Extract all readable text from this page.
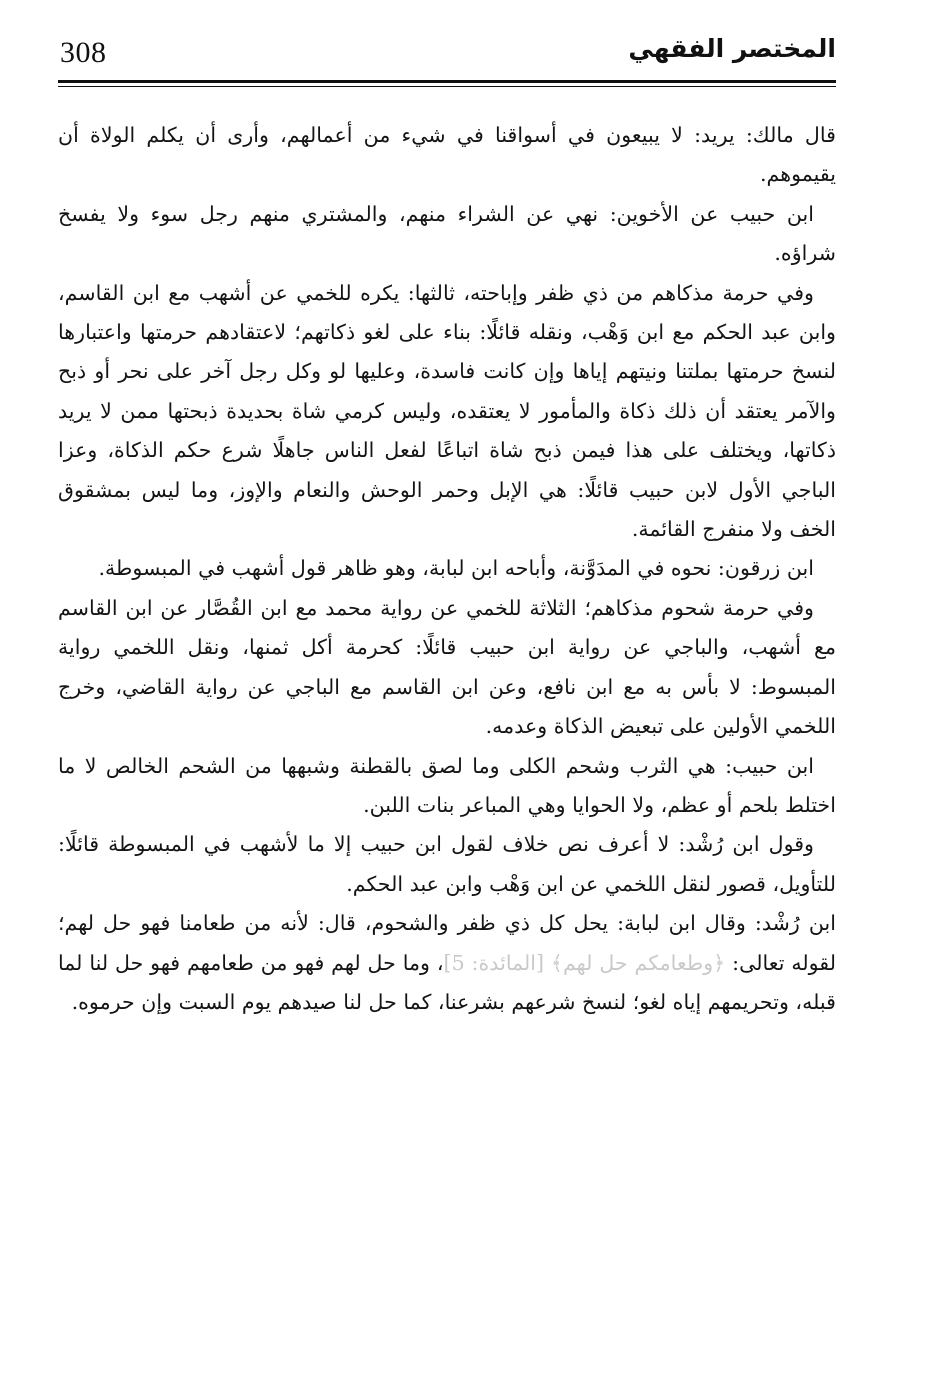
308	المختصر الفقهي

قال مالك: يريد: لا يبيعون في أسواقنا في شيء من أعمالهم، وأرى أن يكلم الولاة أن يقيموهم.

ابن حبيب عن الأخوين: نهي عن الشراء منهم، والمشتري منهم رجل سوء ولا يفسخ شراؤه.

وفي حرمة مذكاهم من ذي ظفر وإباحته، ثالثها: يكره للخمي عن أشهب مع ابن القاسم، وابن عبد الحكم مع ابن وَهْب، ونقله قائلًا: بناء على لغو ذكاتهم؛ لاعتقادهم حرمتها واعتبارها لنسخ حرمتها بملتنا ونيتهم إياها وإن كانت فاسدة، وعليها لو وكل رجل آخر على نحر أو ذبح والآمر يعتقد أن ذلك ذكاة والمأمور لا يعتقده، وليس كرمي شاة بحديدة ذبحتها ممن لا يريد ذكاتها، ويختلف على هذا فيمن ذبح شاة اتباعًا لفعل الناس جاهلًا شرع حكم الذكاة، وعزا الباجي الأول لابن حبيب قائلًا: هي الإبل وحمر الوحش والنعام والإوز، وما ليس بمشقوق الخف ولا منفرج القائمة.

ابن زرقون: نحوه في المدَوَّنة، وأباحه ابن لبابة، وهو ظاهر قول أشهب في المبسوطة.

وفي حرمة شحوم مذكاهم؛ الثلاثة للخمي عن رواية محمد مع ابن القُصَّار عن ابن القاسم مع أشهب، والباجي عن رواية ابن حبيب قائلًا: كحرمة أكل ثمنها، ونقل اللخمي رواية المبسوط: لا بأس به مع ابن نافع، وعن ابن القاسم مع الباجي عن رواية القاضي، وخرج اللخمي الأولين على تبعيض الذكاة وعدمه.

ابن حبيب: هي الثرب وشحم الكلى وما لصق بالقطنة وشبهها من الشحم الخالص لا ما اختلط بلحم أو عظم، ولا الحوايا وهي المباعر بنات اللبن.

وقول ابن رُشْد: لا أعرف نص خلاف لقول ابن حبيب إلا ما لأشهب في المبسوطة قائلًا: للتأويل، قصور لنقل اللخمي عن ابن وَهْب وابن عبد الحكم.

ابن رُشْد: وقال ابن لبابة: يحل كل ذي ظفر والشحوم، قال: لأنه من طعامنا فهو حل لهم؛ لقوله تعالى: ﴿وطعامكم حل لهم﴾ [المائدة: 5]، وما حل لهم فهو من طعامهم فهو حل لنا لما قبله، وتحريمهم إياه لغو؛ لنسخ شرعهم بشرعنا، كما حل لنا صيدهم يوم السبت وإن حرموه.
